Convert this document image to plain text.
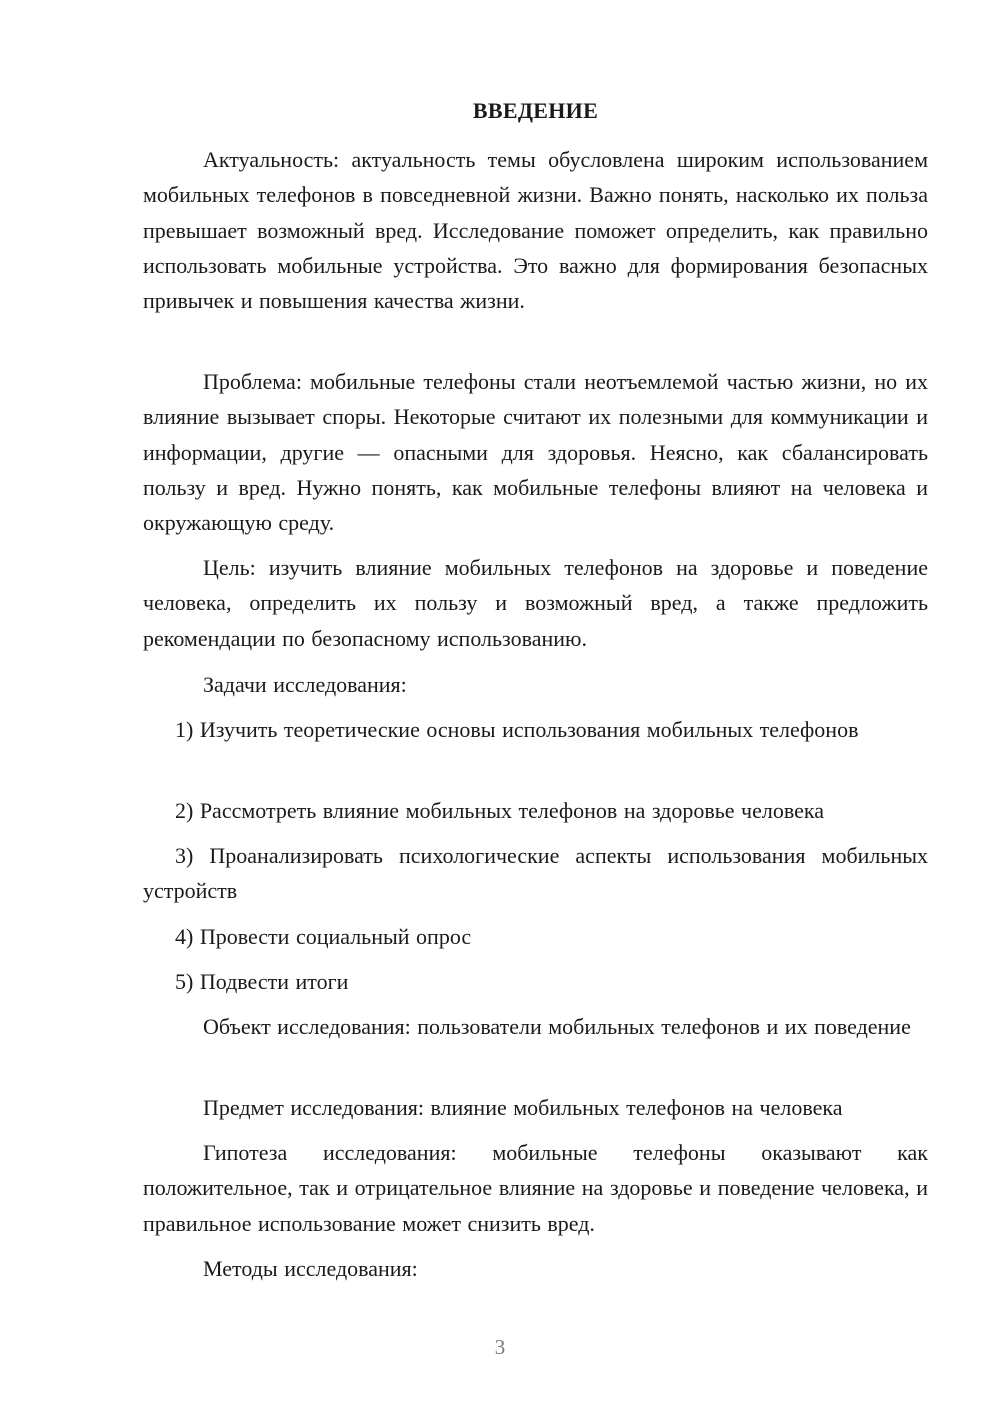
ВВЕДЕНИЕ

Актуальность: актуальность темы обусловлена широким использованием мобильных телефонов в повседневной жизни. Важно понять, насколько их польза превышает возможный вред. Исследование поможет определить, как правильно использовать мобильные устройства. Это важно для формирования безопасных привычек и повышения качества жизни.

Проблема: мобильные телефоны стали неотъемлемой частью жизни, но их влияние вызывает споры. Некоторые считают их полезными для коммуникации и информации, другие — опасными для здоровья. Неясно, как сбалансировать пользу и вред. Нужно понять, как мобильные телефоны влияют на человека и окружающую среду.

Цель: изучить влияние мобильных телефонов на здоровье и поведение человека, определить их пользу и возможный вред, а также предложить рекомендации по безопасному использованию.

Задачи исследования:

1) Изучить теоретические основы использования мобильных телефонов

2) Рассмотреть влияние мобильных телефонов на здоровье человека

3) Проанализировать психологические аспекты использования мобильных устройств

4) Провести социальный опрос

5) Подвести итоги

Объект исследования: пользователи мобильных телефонов и их поведение

Предмет исследования: влияние мобильных телефонов на человека

Гипотеза исследования: мобильные телефоны оказывают как положительное, так и отрицательное влияние на здоровье и поведение человека, и правильное использование может снизить вред.

Методы исследования:

3
